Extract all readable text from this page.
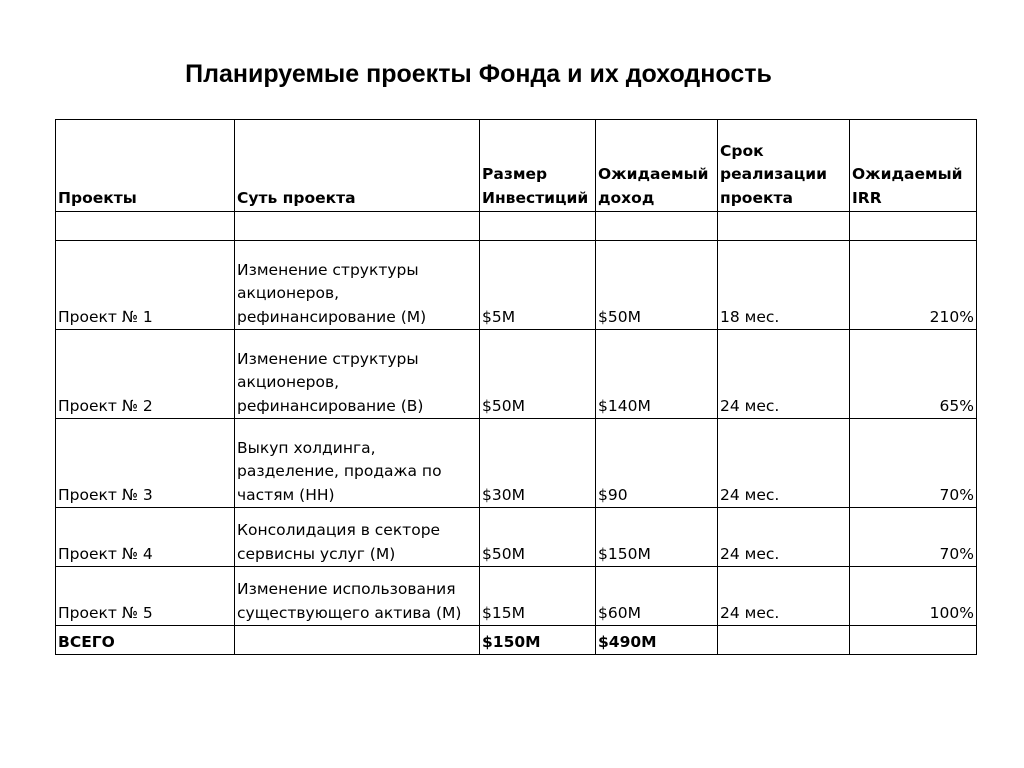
Планируемые проекты Фонда и их доходность
Проекты	Суть проекта	Размер Инвестиций	Ожидаемый доход	Срок реализации проекта	Ожидаемый IRR

Проект № 1	Изменение структуры акционеров, рефинансирование (М)	$5M	$50M	18 мес.	210%
Проект № 2	Изменение структуры акционеров, рефинансирование (В)	$50M	$140M	24 мес.	65%
Проект № 3	Выкуп холдинга, разделение, продажа по частям (НН)	$30M	$90	24 мес.	70%
Проект № 4	Консолидация в секторе сервисны услуг (М)	$50M	$150M	24 мес.	70%
Проект № 5	Изменение использования существующего актива (М)	$15M	$60M	24 мес.	100%
ВСЕГО		$150M	$490M		
